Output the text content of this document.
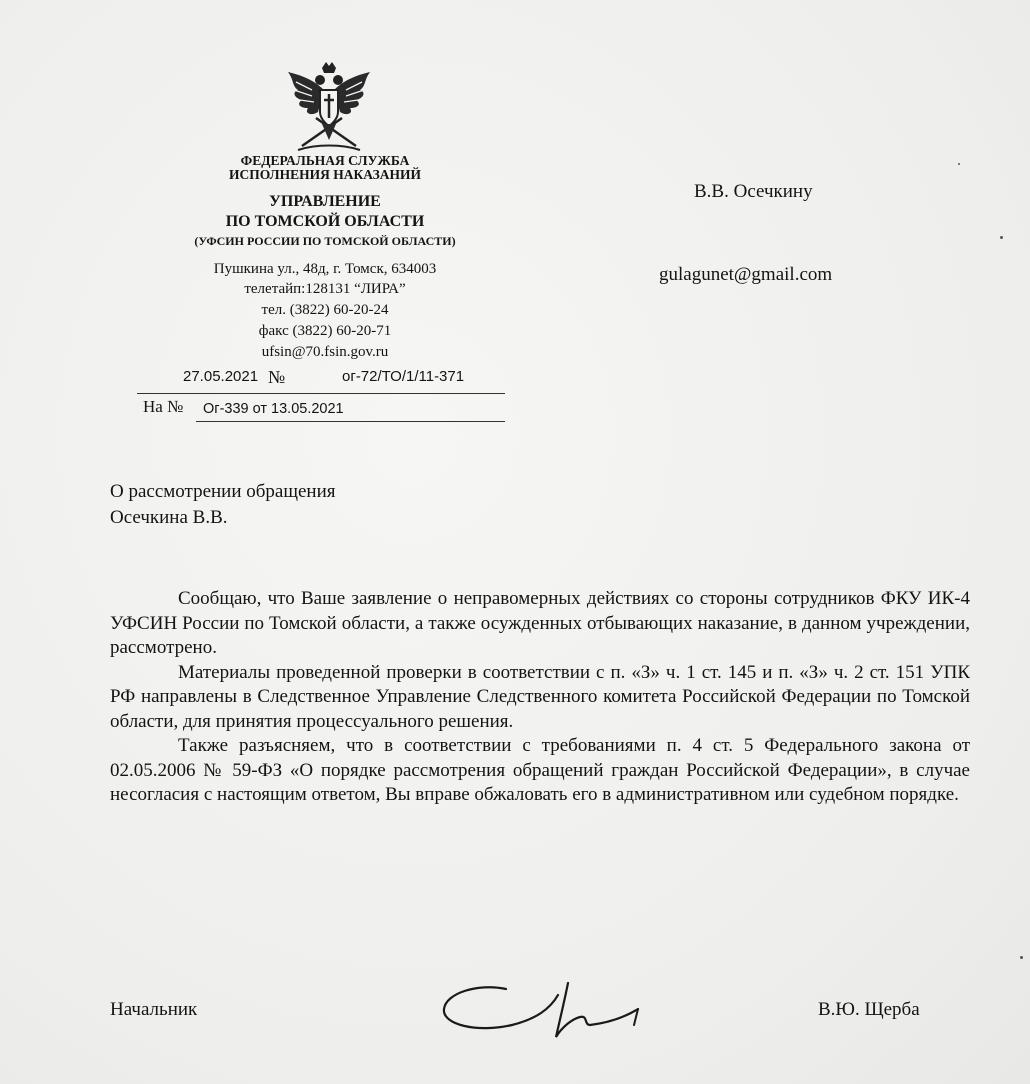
ФЕДЕРАЛЬНАЯ СЛУЖБА
ИСПОЛНЕНИЯ НАКАЗАНИЙ
УПРАВЛЕНИЕ
ПО ТОМСКОЙ ОБЛАСТИ
(УФСИН РОССИИ ПО ТОМСКОЙ ОБЛАСТИ)
Пушкина ул., 48д, г. Томск, 634003
телетайп:128131 “ЛИРА”
тел. (3822) 60-20-24
факс (3822) 60-20-71
ufsin@70.fsin.gov.ru
27.05.2021 №	ог-72/ТО/1/11-371
На № Ог-339 от 13.05.2021
В.В. Осечкину
gulagunet@gmail.com
О рассмотрении обращения
Осечкина В.В.

Сообщаю, что Ваше заявление о неправомерных действиях со стороны сотрудников ФКУ ИК-4 УФСИН России по Томской области, а также осужденных отбывающих наказание, в данном учреждении, рассмотрено.

Материалы проведенной проверки в соответствии с п. «З» ч. 1 ст. 145 и п. «З» ч. 2 ст. 151 УПК РФ направлены в Следственное Управление Следственного комитета Российской Федерации по Томской области, для принятия процессуального решения.

Также разъясняем, что в соответствии с требованиями п. 4 ст. 5 Федерального закона от 02.05.2006 № 59-ФЗ «О порядке рассмотрения обращений граждан Российской Федерации», в случае несогласия с настоящим ответом, Вы вправе обжаловать его в административном или судебном порядке.

Начальник	В.Ю. Щерба
